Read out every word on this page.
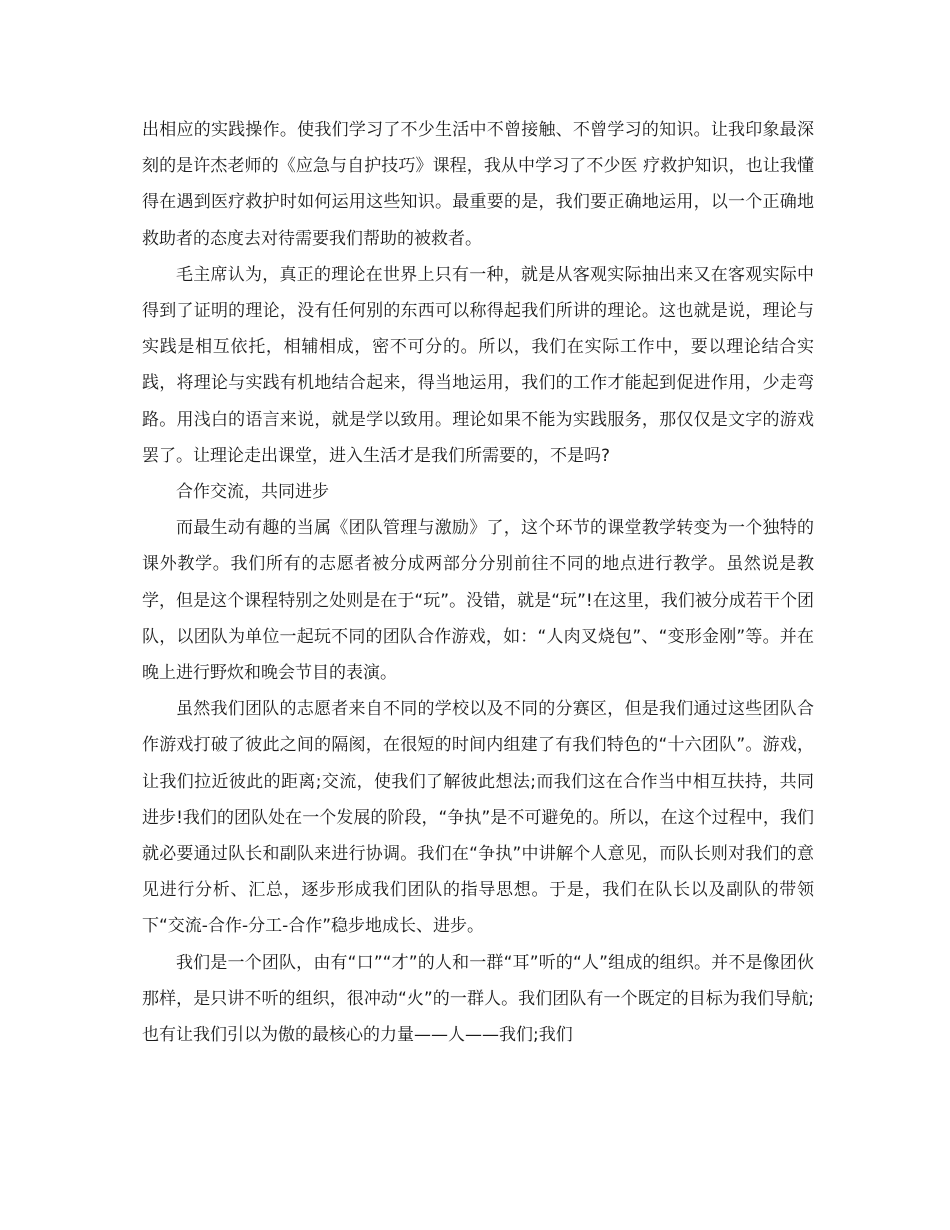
出相应的实践操作。使我们学习了不少生活中不曾接触、不曾学习的知识。让我印象最深刻的是许杰老师的《应急与自护技巧》课程，我从中学习了不少医 疗救护知识，也让我懂得在遇到医疗救护时如何运用这些知识。最重要的是，我们要正确地运用，以一个正确地救助者的态度去对待需要我们帮助的被救者。

毛主席认为，真正的理论在世界上只有一种，就是从客观实际抽出来又在客观实际中得到了证明的理论，没有任何别的东西可以称得起我们所讲的理论。这也就是说，理论与实践是相互依托，相辅相成，密不可分的。所以，我们在实际工作中，要以理论结合实践，将理论与实践有机地结合起来，得当地运用，我们的工作才能起到促进作用，少走弯路。用浅白的语言来说，就是学以致用。理论如果不能为实践服务，那仅仅是文字的游戏罢了。让理论走出课堂，进入生活才是我们所需要的，不是吗?

合作交流，共同进步

而最生动有趣的当属《团队管理与激励》了，这个环节的课堂教学转变为一个独特的课外教学。我们所有的志愿者被分成两部分分别前往不同的地点进行教学。虽然说是教学，但是这个课程特别之处则是在于“玩”。没错，就是“玩”!在这里，我们被分成若干个团队，以团队为单位一起玩不同的团队合作游戏，如：“人肉叉烧包”、“变形金刚”等。并在晚上进行野炊和晚会节目的表演。

虽然我们团队的志愿者来自不同的学校以及不同的分赛区，但是我们通过这些团队合作游戏打破了彼此之间的隔阂，在很短的时间内组建了有我们特色的“十六团队”。游戏，让我们拉近彼此的距离;交流，使我们了解彼此想法;而我们这在合作当中相互扶持，共同进步!我们的团队处在一个发展的阶段，“争执”是不可避免的。所以，在这个过程中，我们就必要通过队长和副队来进行协调。我们在“争执”中讲解个人意见，而队长则对我们的意见进行分析、汇总，逐步形成我们团队的指导思想。于是，我们在队长以及副队的带领下“交流-合作-分工-合作”稳步地成长、进步。

我们是一个团队，由有“口”“才”的人和一群“耳”听的“人”组成的组织。并不是像团伙那样，是只讲不听的组织，很冲动“火”的一群人。我们团队有一个既定的目标为我们导航;也有让我们引以为傲的最核心的力量——人——我们;我们
